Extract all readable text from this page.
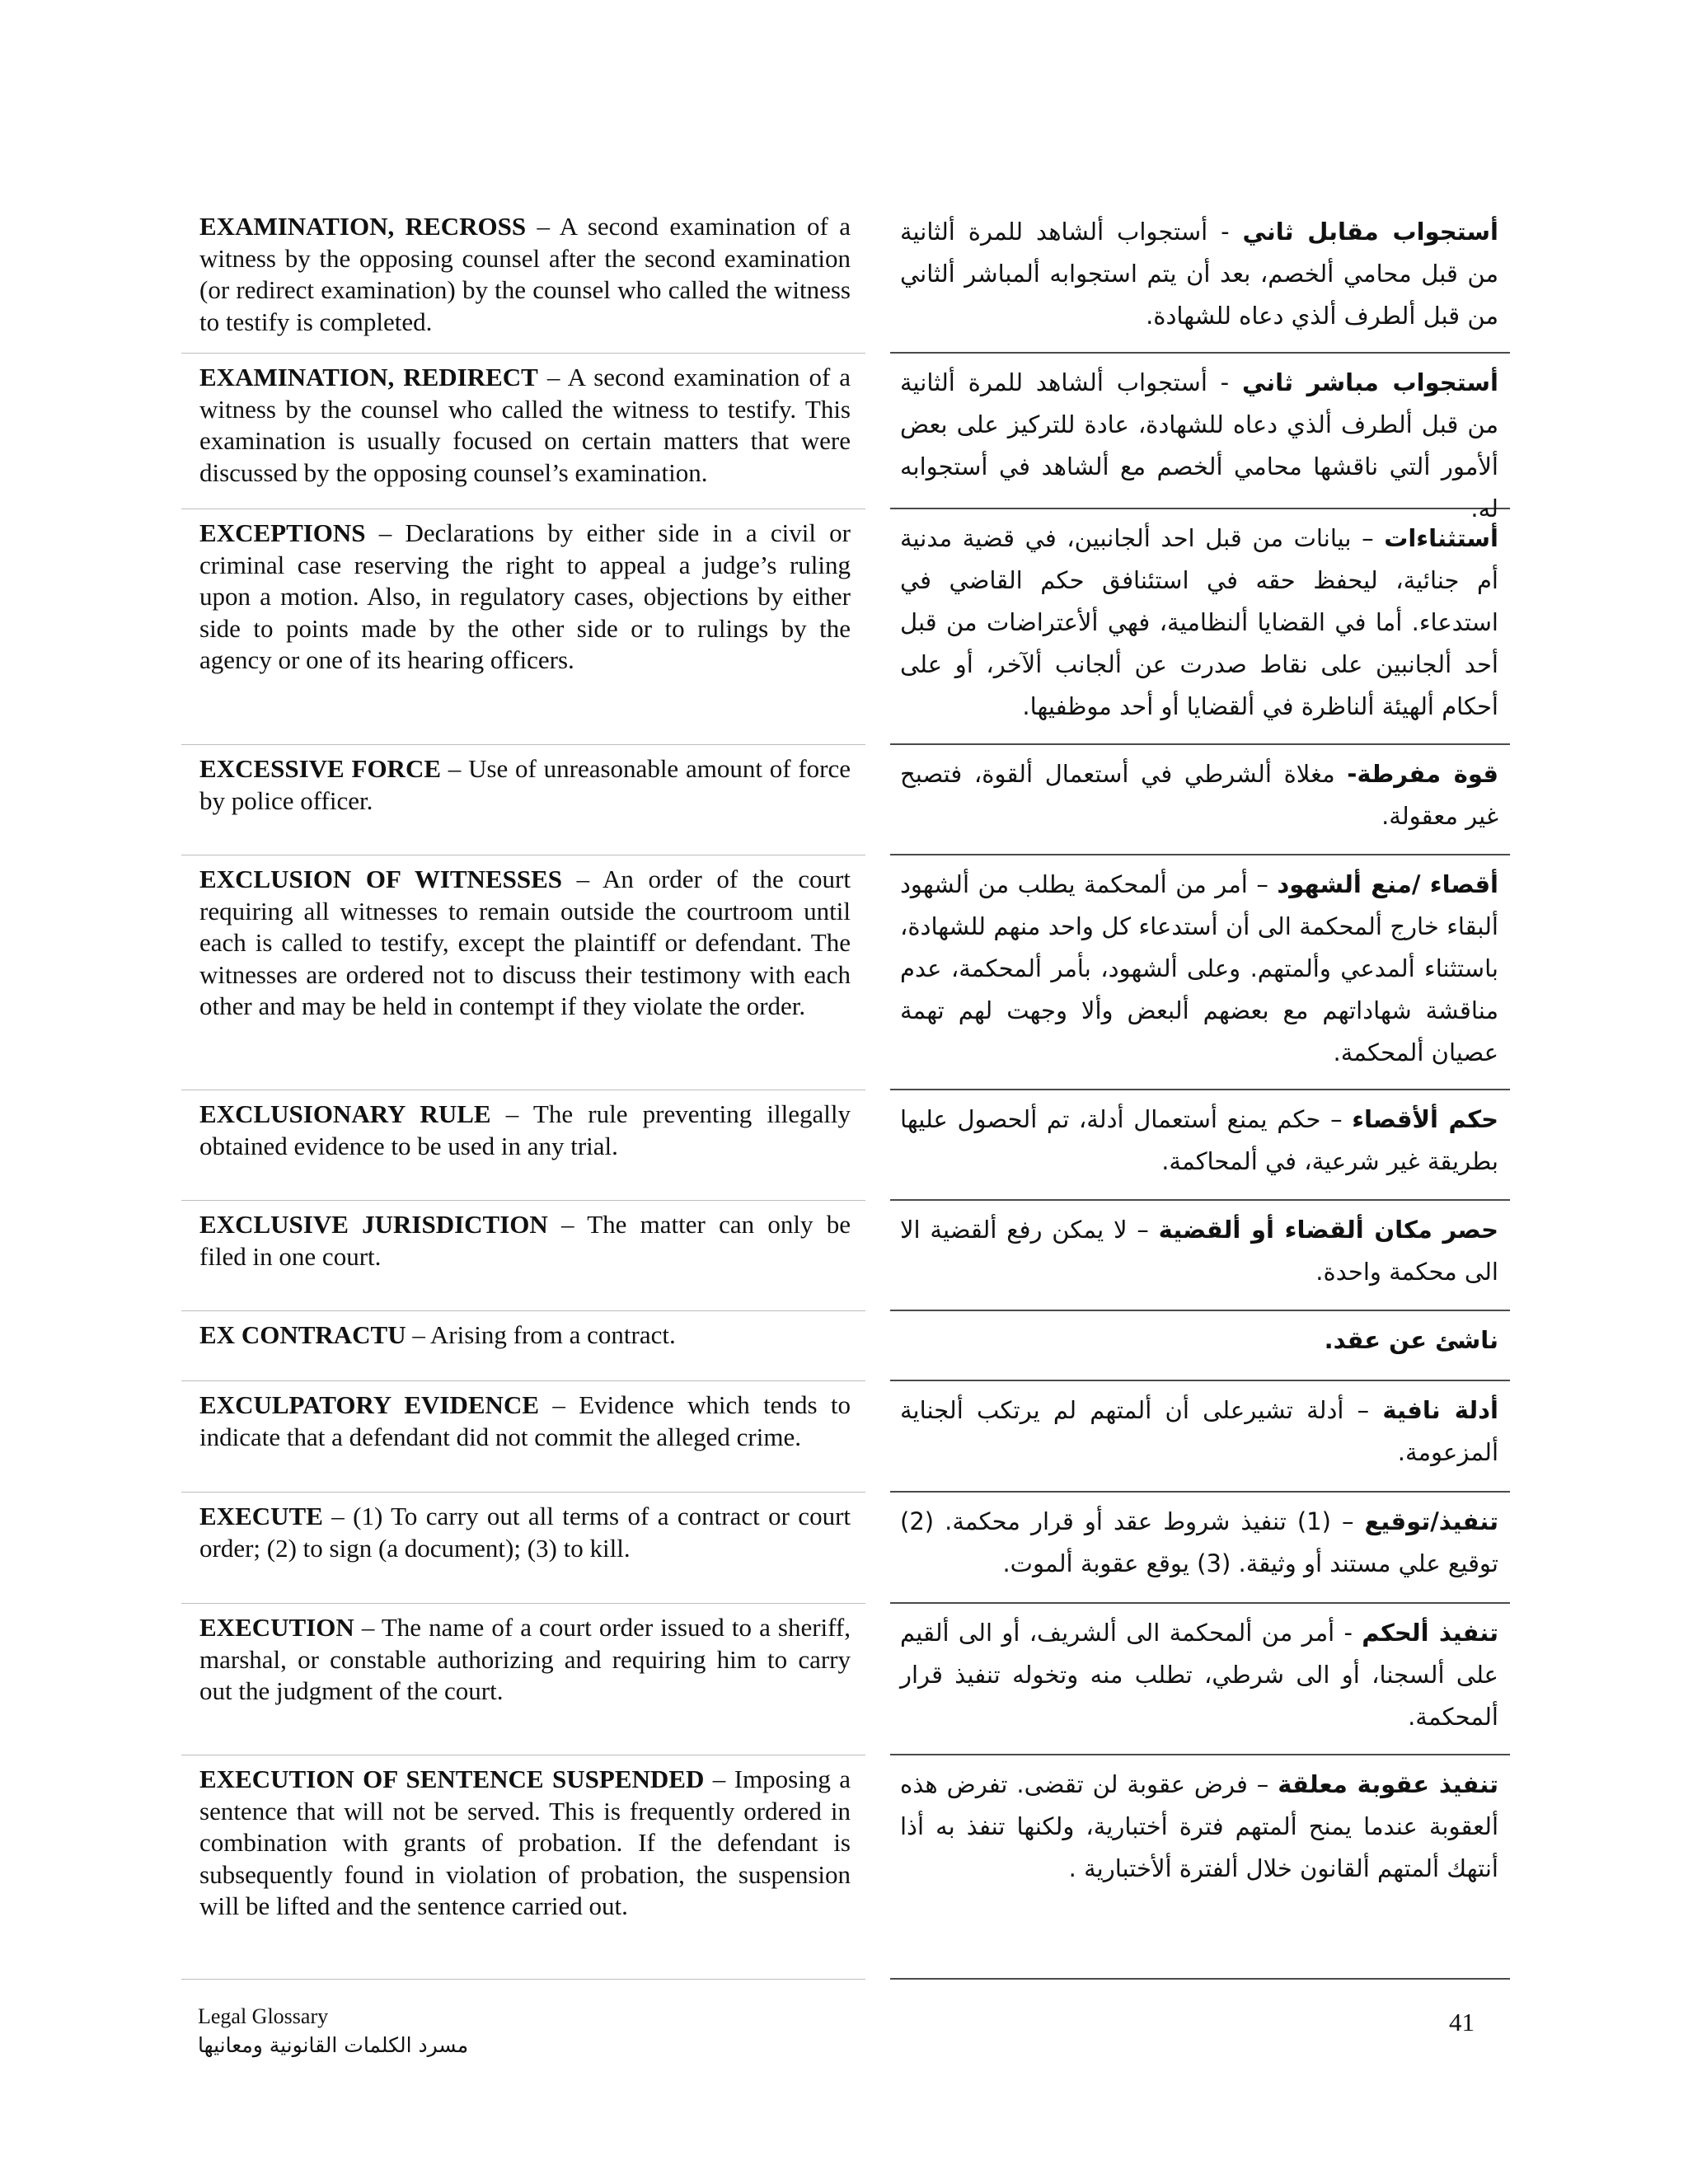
EXAMINATION, RECROSS – A second examination of a witness by the opposing counsel after the second examination (or redirect examination) by the counsel who called the witness to testify is completed.
أستجواب مقابل ثاني - أستجواب ألشاهد للمرة ألثانية من قبل محامي ألخصم، بعد أن يتم استجوابه ألمباشر ألثاني من قبل ألطرف ألذي دعاه للشهادة.
EXAMINATION, REDIRECT – A second examination of a witness by the counsel who called the witness to testify. This examination is usually focused on certain matters that were discussed by the opposing counsel’s examination.
أستجواب مباشر ثاني - أستجواب ألشاهد للمرة ألثانية من قبل ألطرف ألذي دعاه للشهادة، عادة للتركيز على بعض ألأمور ألتي ناقشها محامي ألخصم مع ألشاهد في أستجوابه له.
EXCEPTIONS – Declarations by either side in a civil or criminal case reserving the right to appeal a judge’s ruling upon a motion. Also, in regulatory cases, objections by either side to points made by the other side or to rulings by the agency or one of its hearing officers.
أستثناءات – بيانات من قبل احد ألجانبين، في قضية مدنية أم جنائية، ليحفظ حقه في استئنافق حكم القاضي في استدعاء. أما في القضايا ألنظامية، فهي ألأعتراضات من قبل أحد ألجانبين على نقاط صدرت عن ألجانب ألآخر، أو على أحكام ألهيئة ألناظرة في ألقضايا أو أحد موظفيها.
EXCESSIVE FORCE – Use of unreasonable amount of force by police officer.
قوة مفرطة- مغلاة ألشرطي في أستعمال ألقوة، فتصبح غير معقولة.
EXCLUSION OF WITNESSES – An order of the court requiring all witnesses to remain outside the courtroom until each is called to testify, except the plaintiff or defendant. The witnesses are ordered not to discuss their testimony with each other and may be held in contempt if they violate the order.
أقصاء /منع ألشهود – أمر من ألمحكمة يطلب من ألشهود ألبقاء خارج ألمحكمة الى أن أستدعاء كل واحد منهم للشهادة، باستثناء ألمدعي وألمتهم. وعلى ألشهود، بأمر ألمحكمة، عدم مناقشة شهاداتهم مع بعضهم ألبعض وألا وجهت لهم تهمة عصيان ألمحكمة.
EXCLUSIONARY RULE – The rule preventing illegally obtained evidence to be used in any trial.
حكم ألأقصاء – حكم يمنع أستعمال أدلة، تم ألحصول عليها بطريقة غير شرعية، في ألمحاكمة.
EXCLUSIVE JURISDICTION – The matter can only be filed in one court.
حصر مكان ألقضاء أو ألقضية – لا يمكن رفع ألقضية الا الى محكمة واحدة.
EX CONTRACTU – Arising from a contract.	ناشئ عن عقد.
EXCULPATORY EVIDENCE – Evidence which tends to indicate that a defendant did not commit the alleged crime.
أدلة نافية – أدلة تشيرعلى أن ألمتهم لم يرتكب ألجناية ألمزعومة.
EXECUTE – (1) To carry out all terms of a contract or court order; (2) to sign (a document); (3) to kill.
تنفيذ/توقيع – (1) تنفيذ شروط عقد أو قرار محكمة. (2) توقيع علي مستند أو وثيقة. (3) يوقع عقوبة ألموت.
EXECUTION – The name of a court order issued to a sheriff, marshal, or constable authorizing and requiring him to carry out the judgment of the court.
تنفيذ ألحكم - أمر من ألمحكمة الى ألشريف، أو الى ألقيم على ألسجنا، أو الى شرطي، تطلب منه وتخوله تنفيذ قرار ألمحكمة.
EXECUTION OF SENTENCE SUSPENDED – Imposing a sentence that will not be served. This is frequently ordered in combination with grants of probation. If the defendant is subsequently found in violation of probation, the suspension will be lifted and the sentence carried out.
تنفيذ عقوبة معلقة – فرض عقوبة لن تقضى. تفرض هذه ألعقوبة عندما يمنح ألمتهم فترة أختبارية، ولكنها تنفذ به أذا أنتهك ألمتهم ألقانون خلال ألفترة ألأختبارية .
Legal Glossary
مسرد الكلمات القانونية ومعانيها
41
